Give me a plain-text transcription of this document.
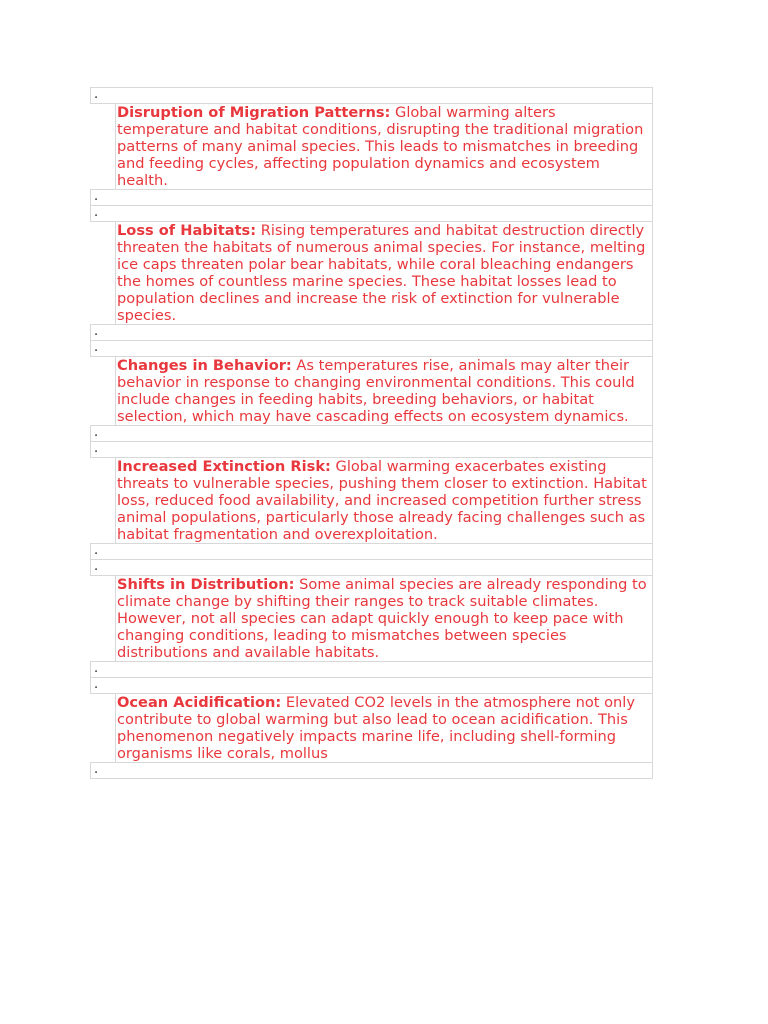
.
Disruption of Migration Patterns: Global warming alters temperature and habitat conditions, disrupting the traditional migration patterns of many animal species. This leads to mismatches in breeding and feeding cycles, affecting population dynamics and ecosystem health.
.
.
Loss of Habitats: Rising temperatures and habitat destruction directly threaten the habitats of numerous animal species. For instance, melting ice caps threaten polar bear habitats, while coral bleaching endangers the homes of countless marine species. These habitat losses lead to population declines and increase the risk of extinction for vulnerable species.
.
.
Changes in Behavior: As temperatures rise, animals may alter their behavior in response to changing environmental conditions. This could include changes in feeding habits, breeding behaviors, or habitat selection, which may have cascading effects on ecosystem dynamics.
.
.
Increased Extinction Risk: Global warming exacerbates existing threats to vulnerable species, pushing them closer to extinction. Habitat loss, reduced food availability, and increased competition further stress animal populations, particularly those already facing challenges such as habitat fragmentation and overexploitation.
.
.
Shifts in Distribution: Some animal species are already responding to climate change by shifting their ranges to track suitable climates. However, not all species can adapt quickly enough to keep pace with changing conditions, leading to mismatches between species distributions and available habitats.
.
.
Ocean Acidification: Elevated CO2 levels in the atmosphere not only contribute to global warming but also lead to ocean acidification. This phenomenon negatively impacts marine life, including shell-forming organisms like corals, mollus
.
